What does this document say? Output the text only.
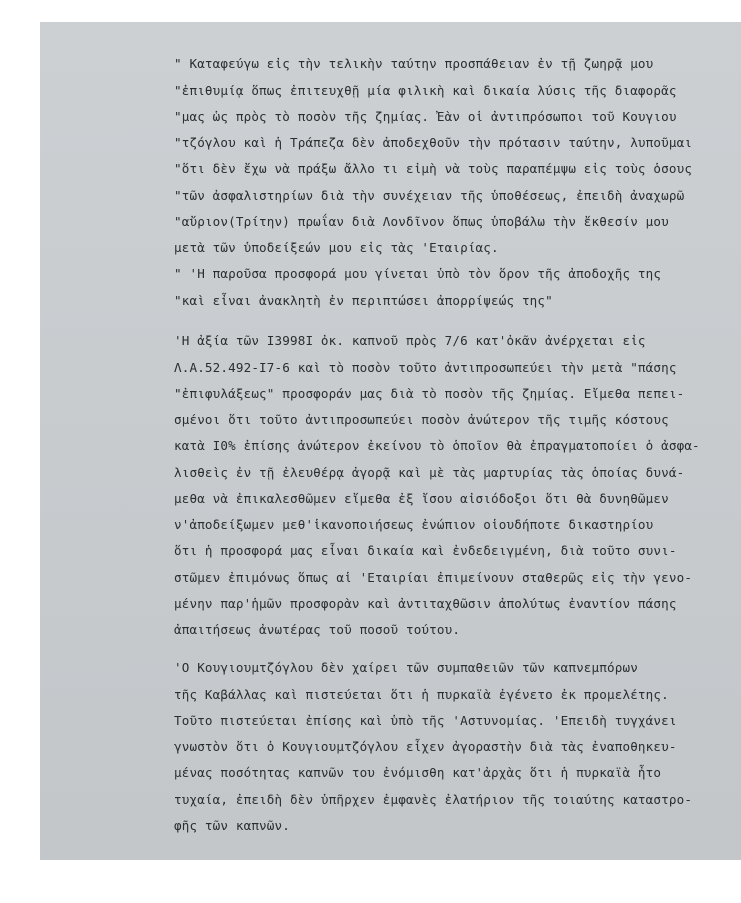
" Καταφεύγω εἰς τὴν τελικὴν ταύτην προσπάθειαν ἐν τῇ ζωηρᾷ μου
"ἐπιθυμίᾳ ὅπως ἐπιτευχθῇ μία φιλικὴ καὶ δικαία λύσις τῆς διαφορᾶς
"μας ὡς πρὸς τὸ ποσὸν τῆς ζημίας. Ἐὰν οἱ ἀντιπρόσωποι τοῦ Κουγιου
"τζόγλου καὶ ἡ Τράπεζα δὲν ἀποδεχθοῦν τὴν πρότασιν ταύτην, λυποῦμαι
"ὅτι δὲν ἔχω νὰ πράξω ἄλλο τι εἰμὴ νὰ τοὺς παραπέμψω εἰς τοὺς ὁσους
"τῶν ἀσφαλιστηρίων διὰ τὴν συνέχειαν τῆς ὑποθέσεως, ἐπειδὴ ἀναχωρῶ
"αὔριον(Τρίτην) πρωΐαν διὰ Λονδῖνον ὅπως ὑποβάλω τὴν ἔκθεσίν μου
μετὰ τῶν ὑποδείξεών μου εἰς τὰς 'Εταιρίας.
" 'Η παροῦσα προσφορά μου γίνεται ὑπὸ τὸν ὅρον τῆς ἀποδοχῆς της
"καὶ εἶναι ἀνακλητὴ ἐν περιπτώσει ἀπορρίψεώς της"
'Η ἀξία τῶν I3998I ὀκ. καπνοῦ πρὸς 7/6 κατ'ὀκᾶν ἀνέρχεται εἰς
Λ.Α.52.492-I7-6 καὶ τὸ ποσὸν τοῦτο ἀντιπροσωπεύει τὴν μετὰ "πάσης
"ἐπιφυλάξεως" προσφοράν μας διὰ τὸ ποσὸν τῆς ζημίας. Εἴμεθα πεπει-
σμένοι ὅτι τοῦτο ἀντιπροσωπεύει ποσὸν ἀνώτερον τῆς τιμῆς κόστους
κατὰ I0% ἐπίσης ἀνώτερον ἐκείνου τὸ ὁποῖον θὰ ἐπραγματοποίει ὁ ἀσφα-
λισθεὶς ἐν τῇ ἐλευθέρᾳ ἀγορᾷ καὶ μὲ τὰς μαρτυρίας τὰς ὁποίας δυνά-
μεθα νὰ ἐπικαλεσθῶμεν εἴμεθα ἐξ ἴσου αἰσιόδοξοι ὅτι θὰ δυνηθῶμεν
ν'ἀποδείξωμεν μεθ'ἱκανοποιήσεως ἐνώπιον οἱουδήποτε δικαστηρίου
ὅτι ἡ προσφορά μας εἶναι δικαία καὶ ἐνδεδειγμένη, διὰ τοῦτο συνι-
στῶμεν ἐπιμόνως ὅπως αἱ 'Εταιρίαι ἐπιμείνουν σταθερῶς εἰς τὴν γενο-
μένην παρ'ἡμῶν προσφορὰν καὶ ἀντιταχθῶσιν ἀπολύτως ἐναντίον πάσης
ἀπαιτήσεως ἀνωτέρας τοῦ ποσοῦ τούτου.
'Ο Κουγιουμτζόγλου δὲν χαίρει τῶν συμπαθειῶν τῶν καπνεμπόρων
τῆς Καβάλλας καὶ πιστεύεται ὅτι ἡ πυρκαϊὰ ἐγένετο ἐκ προμελέτης.
Τοῦτο πιστεύεται ἐπίσης καὶ ὑπὸ τῆς 'Αστυνομίας. 'Επειδὴ τυγχάνει
γνωστὸν ὅτι ὁ Κουγιουμτζόγλου εἶχεν ἀγοραστὴν διὰ τὰς ἐναποθηκευ-
μένας ποσότητας καπνῶν του ἐνόμισθη κατ'ἀρχὰς ὅτι ἡ πυρκαϊὰ ἦτο
τυχαία, ἐπειδὴ δὲν ὑπῆρχεν ἐμφανὲς ἐλατήριον τῆς τοιαύτης καταστρο-
φῆς τῶν καπνῶν.
